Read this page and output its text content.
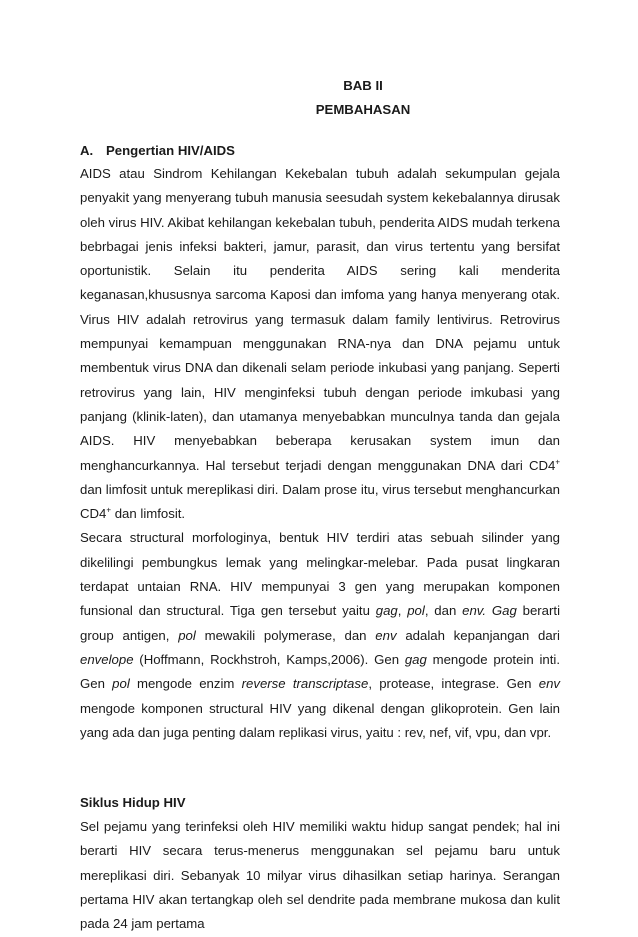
BAB II

PEMBAHASAN

A. Pengertian HIV/AIDS

AIDS atau Sindrom Kehilangan Kekebalan tubuh adalah sekumpulan gejala penyakit yang menyerang tubuh manusia seesudah system kekebalannya dirusak oleh virus HIV. Akibat kehilangan kekebalan tubuh, penderita AIDS mudah terkena bebrbagai jenis infeksi bakteri, jamur, parasit, dan virus tertentu yang bersifat oportunistik. Selain itu penderita AIDS sering kali menderita keganasan,khususnya sarcoma Kaposi dan imfoma yang hanya menyerang otak. Virus HIV adalah retrovirus yang termasuk dalam family lentivirus. Retrovirus mempunyai kemampuan menggunakan RNA-nya dan DNA pejamu untuk membentuk virus DNA dan dikenali selam periode inkubasi yang panjang. Seperti retrovirus yang lain, HIV menginfeksi tubuh dengan periode imkubasi yang panjang (klinik-laten), dan utamanya menyebabkan munculnya tanda dan gejala AIDS. HIV menyebabkan beberapa kerusakan system imun dan menghancurkannya. Hal tersebut terjadi dengan menggunakan DNA dari CD4+ dan limfosit untuk mereplikasi diri. Dalam prose itu, virus tersebut menghancurkan CD4+ dan limfosit.

Secara structural morfologinya, bentuk HIV terdiri atas sebuah silinder yang dikelilingi pembungkus lemak yang melingkar-melebar. Pada pusat lingkaran terdapat untaian RNA. HIV mempunyai 3 gen yang merupakan komponen funsional dan structural. Tiga gen tersebut yaitu gag, pol, dan env. Gag berarti group antigen, pol mewakili polymerase, dan env adalah kepanjangan dari envelope (Hoffmann, Rockhstroh, Kamps,2006). Gen gag mengode protein inti. Gen pol mengode enzim reverse transcriptase, protease, integrase. Gen env mengode komponen structural HIV yang dikenal dengan glikoprotein. Gen lain yang ada dan juga penting dalam replikasi virus, yaitu : rev, nef, vif, vpu, dan vpr.

Siklus Hidup HIV

Sel pejamu yang terinfeksi oleh HIV memiliki waktu hidup sangat pendek; hal ini berarti HIV secara terus-menerus menggunakan sel pejamu baru untuk mereplikasi diri. Sebanyak 10 milyar virus dihasilkan setiap harinya. Serangan pertama HIV akan tertangkap oleh sel dendrite pada membrane mukosa dan kulit pada 24 jam pertama
